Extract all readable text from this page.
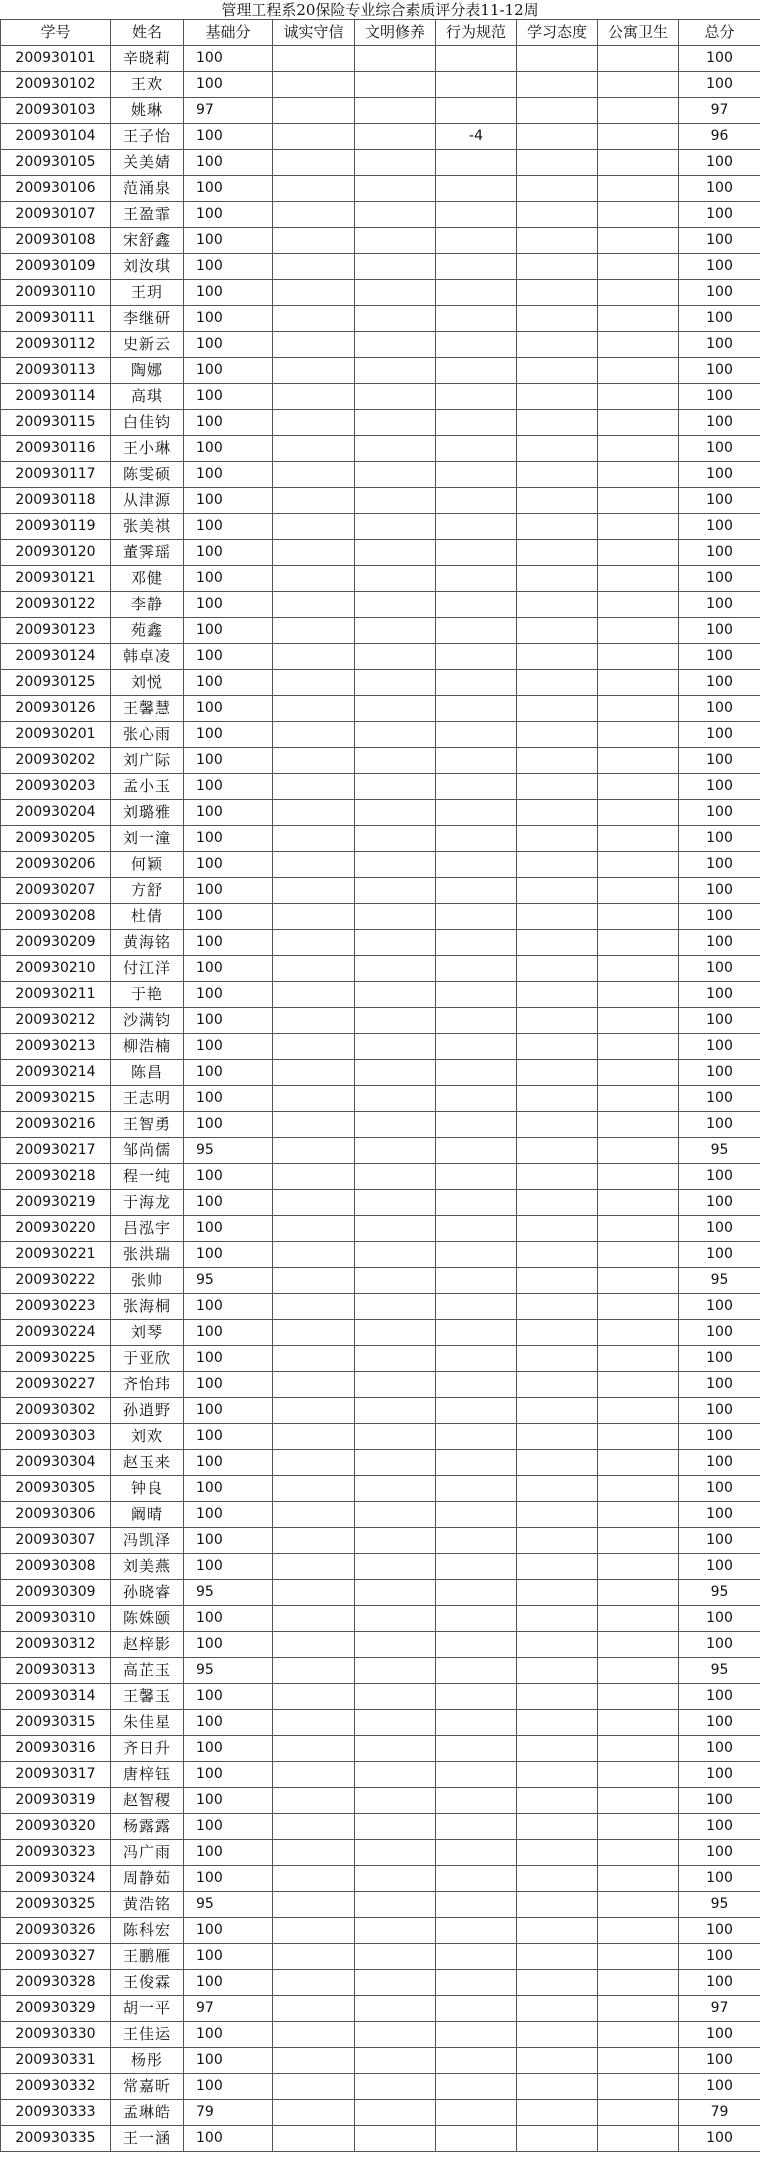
管理工程系20保险专业综合素质评分表11-12周
学号	姓名	基础分	诚实守信	文明修养	行为规范	学习态度	公寓卫生	总分
200930101	辛晓莉	100						100
200930102	王欢	100						100
200930103	姚琳	97						97
200930104	王子怡	100			-4			96
200930105	关美婧	100						100
200930106	范涌泉	100						100
200930107	王盈霏	100						100
200930108	宋舒鑫	100						100
200930109	刘汝琪	100						100
200930110	王玥	100						100
200930111	李继研	100						100
200930112	史新云	100						100
200930113	陶娜	100						100
200930114	高琪	100						100
200930115	白佳钧	100						100
200930116	王小琳	100						100
200930117	陈雯硕	100						100
200930118	从津源	100						100
200930119	张美祺	100						100
200930120	董霁瑶	100						100
200930121	邓健	100						100
200930122	李静	100						100
200930123	苑鑫	100						100
200930124	韩卓凌	100						100
200930125	刘悦	100						100
200930126	王馨慧	100						100
200930201	张心雨	100						100
200930202	刘广际	100						100
200930203	孟小玉	100						100
200930204	刘璐雅	100						100
200930205	刘一潼	100						100
200930206	何颖	100						100
200930207	方舒	100						100
200930208	杜倩	100						100
200930209	黄海铭	100						100
200930210	付江洋	100						100
200930211	于艳	100						100
200930212	沙满钧	100						100
200930213	柳浩楠	100						100
200930214	陈昌	100						100
200930215	王志明	100						100
200930216	王智勇	100						100
200930217	邹尚儒	95						95
200930218	程一纯	100						100
200930219	于海龙	100						100
200930220	吕泓宇	100						100
200930221	张洪瑞	100						100
200930222	张帅	95						95
200930223	张海桐	100						100
200930224	刘琴	100						100
200930225	于亚欣	100						100
200930227	齐怡玮	100						100
200930302	孙逍野	100						100
200930303	刘欢	100						100
200930304	赵玉来	100						100
200930305	钟良	100						100
200930306	阚晴	100						100
200930307	冯凯泽	100						100
200930308	刘美燕	100						100
200930309	孙晓睿	95						95
200930310	陈姝颐	100						100
200930312	赵梓影	100						100
200930313	高芷玉	95						95
200930314	王馨玉	100						100
200930315	朱佳星	100						100
200930316	齐日升	100						100
200930317	唐梓钰	100						100
200930319	赵智稷	100						100
200930320	杨露露	100						100
200930323	冯广雨	100						100
200930324	周静茹	100						100
200930325	黄浩铭	95						95
200930326	陈科宏	100						100
200930327	王鹏雁	100						100
200930328	王俊霖	100						100
200930329	胡一平	97						97
200930330	王佳运	100						100
200930331	杨彤	100						100
200930332	常嘉昕	100						100
200930333	孟琳皓	79						79
200930335	王一涵	100						100
